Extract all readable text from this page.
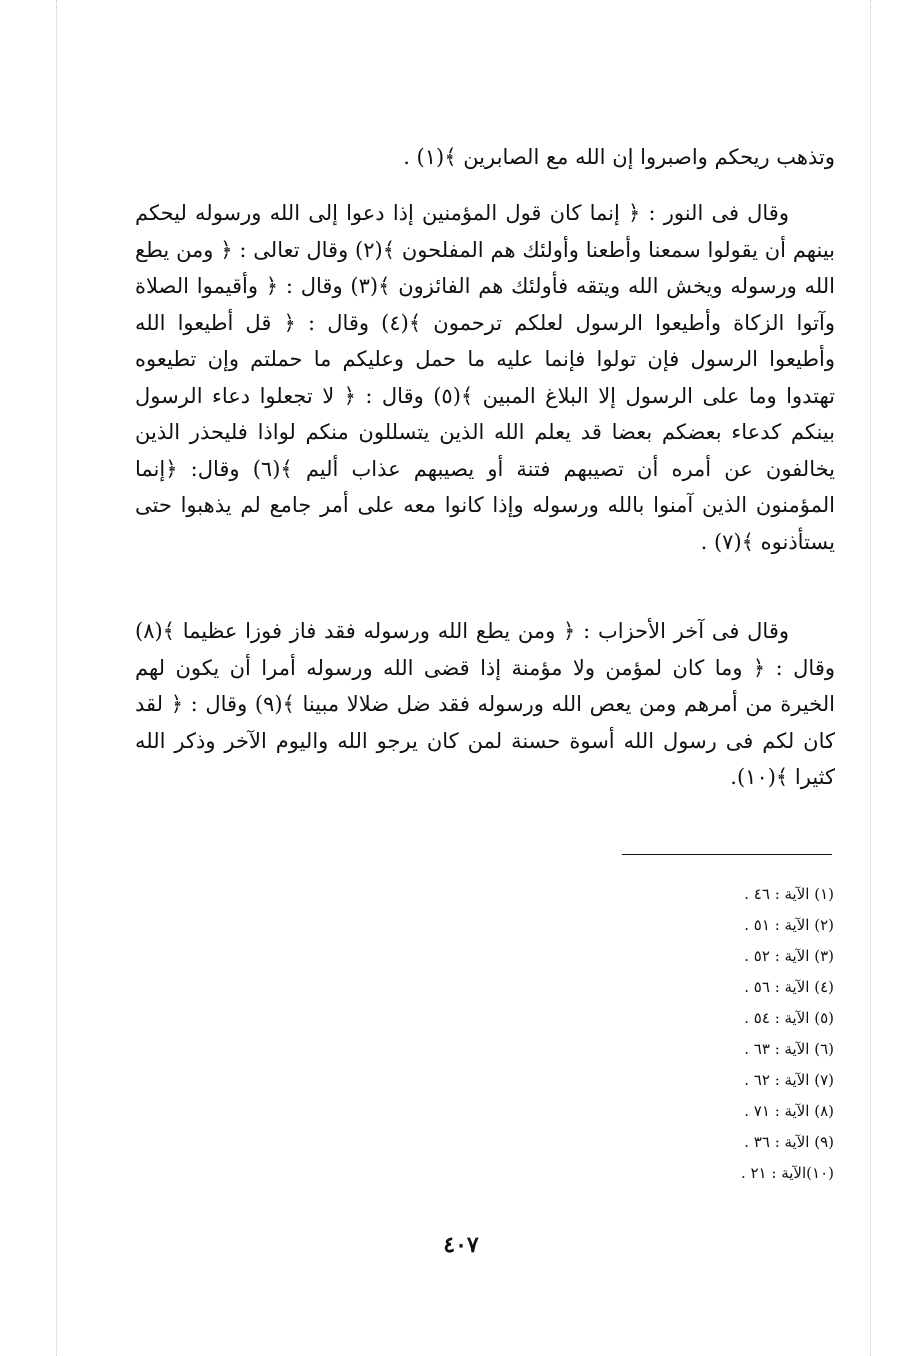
وتذهب ريحكم واصبروا إن الله مع الصابرين ﴾(١) .

وقال فى النور : ﴿ إنما كان قول المؤمنين إذا دعوا إلى الله ورسوله ليحكم بينهم أن يقولوا سمعنا وأطعنا وأولئك هم المفلحون ﴾(٢) وقال تعالى : ﴿ ومن يطع الله ورسوله ويخش الله ويتقه فأولئك هم الفائزون ﴾(٣) وقال : ﴿ وأقيموا الصلاة وآتوا الزكاة وأطيعوا الرسول لعلكم ترحمون ﴾(٤) وقال : ﴿ قل أطيعوا الله وأطيعوا الرسول فإن تولوا فإنما عليه ما حمل وعليكم ما حملتم وإن تطيعوه تهتدوا وما على الرسول إلا البلاغ المبين ﴾(٥) وقال : ﴿ لا تجعلوا دعاء الرسول بينكم كدعاء بعضكم بعضا قد يعلم الله الذين يتسللون منكم لواذا فليحذر الذين يخالفون عن أمره أن تصيبهم فتنة أو يصيبهم عذاب أليم ﴾(٦) وقال: ﴿إنما المؤمنون الذين آمنوا بالله ورسوله وإذا كانوا معه على أمر جامع لم يذهبوا حتى يستأذنوه ﴾(٧) .

وقال فى آخر الأحزاب : ﴿ ومن يطع الله ورسوله فقد فاز فوزا عظيما ﴾(٨) وقال : ﴿ وما كان لمؤمن ولا مؤمنة إذا قضى الله ورسوله أمرا أن يكون لهم الخيرة من أمرهم ومن يعص الله ورسوله فقد ضل ضلالا مبينا ﴾(٩) وقال : ﴿ لقد كان لكم فى رسول الله أسوة حسنة لمن كان يرجو الله واليوم الآخر وذكر الله كثيرا ﴾(١٠).

(١) الآية : ٤٦ .
(٢) الآية : ٥١ .
(٣) الآية : ٥٢ .
(٤) الآية : ٥٦ .
(٥) الآية : ٥٤ .
(٦) الآية : ٦٣ .
(٧) الآية : ٦٢ .
(٨) الآية : ٧١ .
(٩) الآية : ٣٦ .
(١٠)الآية : ٢١ .
٤٠٧
